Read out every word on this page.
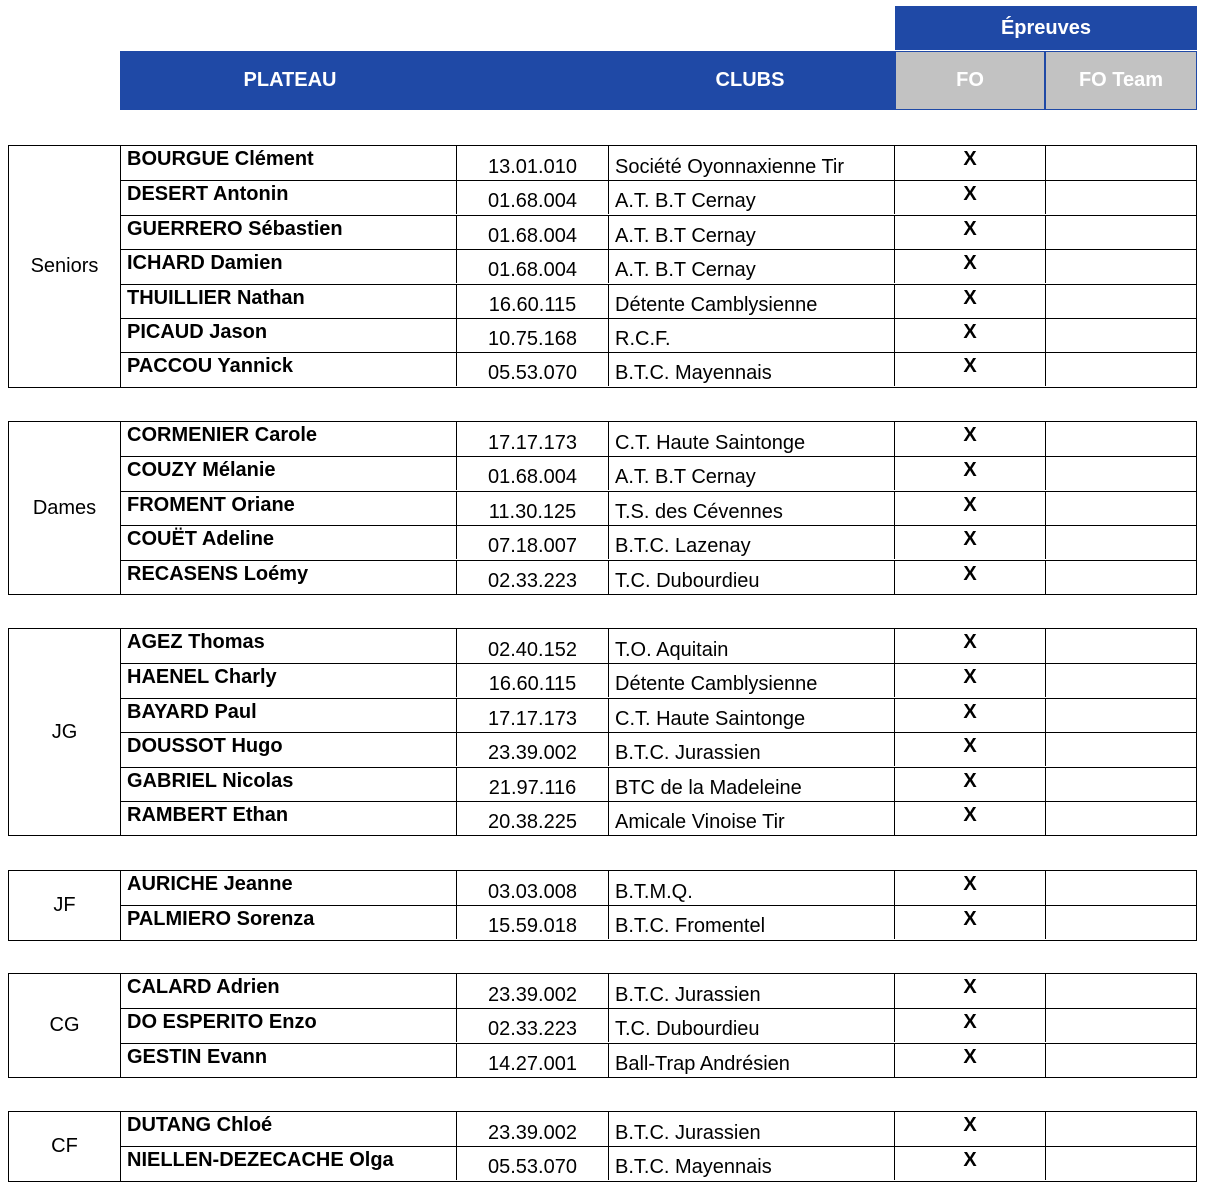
Épreuves
PLATEAU	CLUBS	FO	FO Team
Seniors
BOURGUE Clément	13.01.010	Société Oyonnaxienne Tir	X
DESERT Antonin	01.68.004	A.T. B.T Cernay	X
GUERRERO Sébastien	01.68.004	A.T. B.T Cernay	X
ICHARD Damien	01.68.004	A.T. B.T Cernay	X
THUILLIER Nathan	16.60.115	Détente Camblysienne	X
PICAUD Jason	10.75.168	R.C.F.	X
PACCOU Yannick	05.53.070	B.T.C. Mayennais	X
Dames
CORMENIER Carole	17.17.173	C.T. Haute Saintonge	X
COUZY Mélanie	01.68.004	A.T. B.T Cernay	X
FROMENT Oriane	11.30.125	T.S. des Cévennes	X
COUËT Adeline	07.18.007	B.T.C. Lazenay	X
RECASENS Loémy	02.33.223	T.C. Dubourdieu	X
JG
AGEZ Thomas	02.40.152	T.O. Aquitain	X
HAENEL Charly	16.60.115	Détente Camblysienne	X
BAYARD Paul	17.17.173	C.T. Haute Saintonge	X
DOUSSOT Hugo	23.39.002	B.T.C. Jurassien	X
GABRIEL Nicolas	21.97.116	BTC de la Madeleine	X
RAMBERT Ethan	20.38.225	Amicale Vinoise Tir	X
JF
AURICHE Jeanne	03.03.008	B.T.M.Q.	X
PALMIERO Sorenza	15.59.018	B.T.C. Fromentel	X
CG
CALARD Adrien	23.39.002	B.T.C. Jurassien	X
DO ESPERITO Enzo	02.33.223	T.C. Dubourdieu	X
GESTIN Evann	14.27.001	Ball-Trap Andrésien	X
CF
DUTANG Chloé	23.39.002	B.T.C. Jurassien	X
NIELLEN-DEZECACHE Olga	05.53.070	B.T.C. Mayennais	X
